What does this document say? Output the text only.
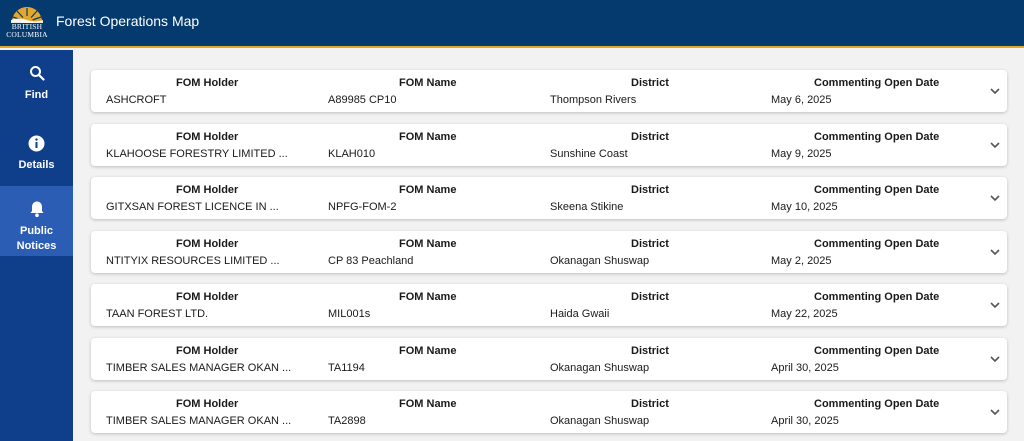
BRITISH
COLUMBIA
Forest Operations Map
Find
Details
Public
Notices
FOM Holder
ASHCROFT
FOM Name
A89985 CP10
District
Thompson Rivers
Commenting Open Date
May 6, 2025
FOM Holder
KLAHOOSE FORESTRY LIMITED ...
FOM Name
KLAH010
District
Sunshine Coast
Commenting Open Date
May 9, 2025
FOM Holder
GITXSAN FOREST LICENCE IN ...
FOM Name
NPFG-FOM-2
District
Skeena Stikine
Commenting Open Date
May 10, 2025
FOM Holder
NTITYIX RESOURCES LIMITED ...
FOM Name
CP 83 Peachland
District
Okanagan Shuswap
Commenting Open Date
May 2, 2025
FOM Holder
TAAN FOREST LTD.
FOM Name
MIL001s
District
Haida Gwaii
Commenting Open Date
May 22, 2025
FOM Holder
TIMBER SALES MANAGER OKAN ...
FOM Name
TA1194
District
Okanagan Shuswap
Commenting Open Date
April 30, 2025
FOM Holder
TIMBER SALES MANAGER OKAN ...
FOM Name
TA2898
District
Okanagan Shuswap
Commenting Open Date
April 30, 2025
